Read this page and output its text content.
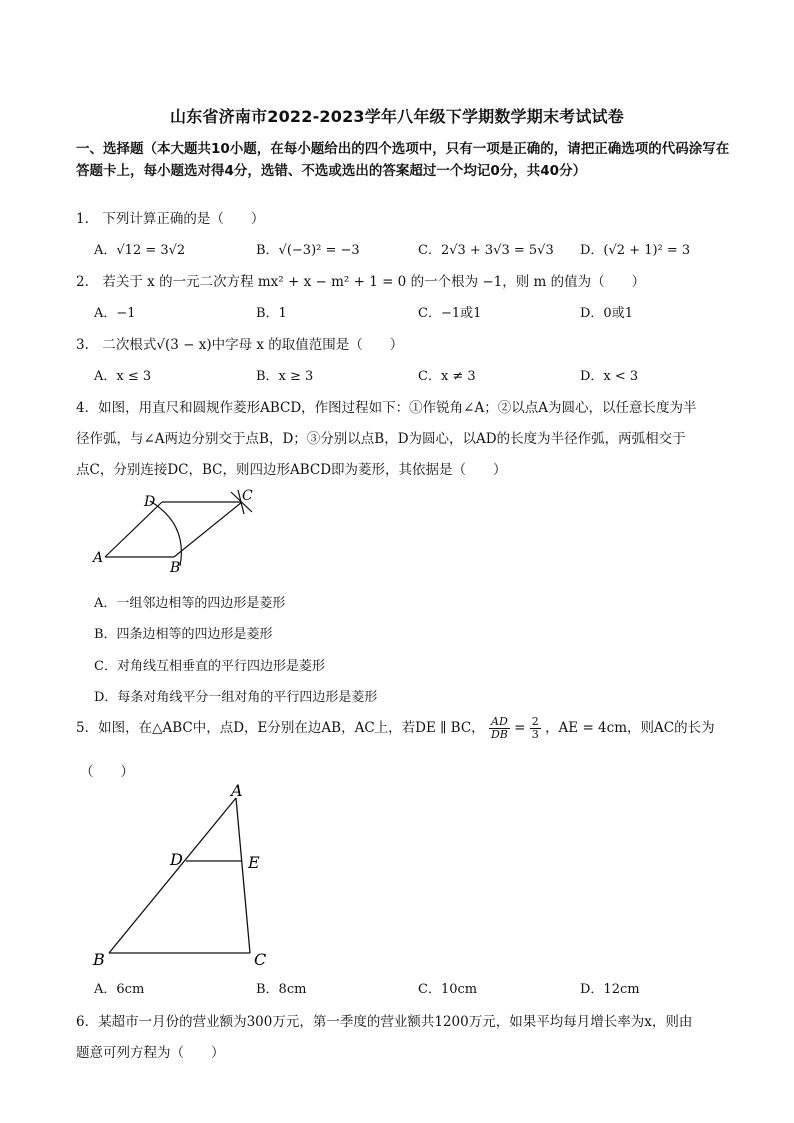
山东省济南市2022-2023学年八年级下学期数学期末考试试卷
一、选择题（本大题共10小题，在每小题给出的四个选项中，只有一项是正确的，请把正确选项的代码涂写在答题卡上，每小题选对得4分，选错、不选或选出的答案超过一个均记0分，共40分）
1.　下列计算正确的是（　　）
A．√12 = 3√2	B．√(−3)² = −3	C．2√3 + 3√3 = 5√3 D．(√2 + 1)² = 3
2.　若关于 x 的一元二次方程 mx² + x − m² + 1 = 0 的一个根为 −1，则 m 的值为（　　）
A．−1	B．1	C．−1或1	D．0或1
3.　二次根式√(3 − x)中字母 x 的取值范围是（　　）
A．x ≤ 3	B．x ≥ 3	C．x ≠ 3	D．x < 3
4．如图，用直尺和圆规作菱形ABCD，作图过程如下：①作锐角∠A；②以点A为圆心，以任意长度为半
径作弧，与∠A两边分别交于点B，D；③分别以点B，D为圆心，以AD的长度为半径作弧，两弧相交于
点C，分别连接DC，BC，则四边形ABCD即为菱形，其依据是（　　）
A
B
C
D
A．一组邻边相等的四边形是菱形
B．四条边相等的四边形是菱形
C．对角线互相垂直的平行四边形是菱形
D．每条对角线平分一组对角的平行四边形是菱形
5．如图，在△ABC中，点D，E分别在边AB，AC上，若DE ∥ BC， $\frac{AD}{DB} = \frac{2}{3}$ ，AE = 4cm，则AC的长为
（　　）
A
D	E
B	C
A．6cm	B．8cm	C．10cm	D．12cm
6．某超市一月份的营业额为300万元，第一季度的营业额共1200万元，如果平均每月增长率为x，则由
题意可列方程为（　　）
